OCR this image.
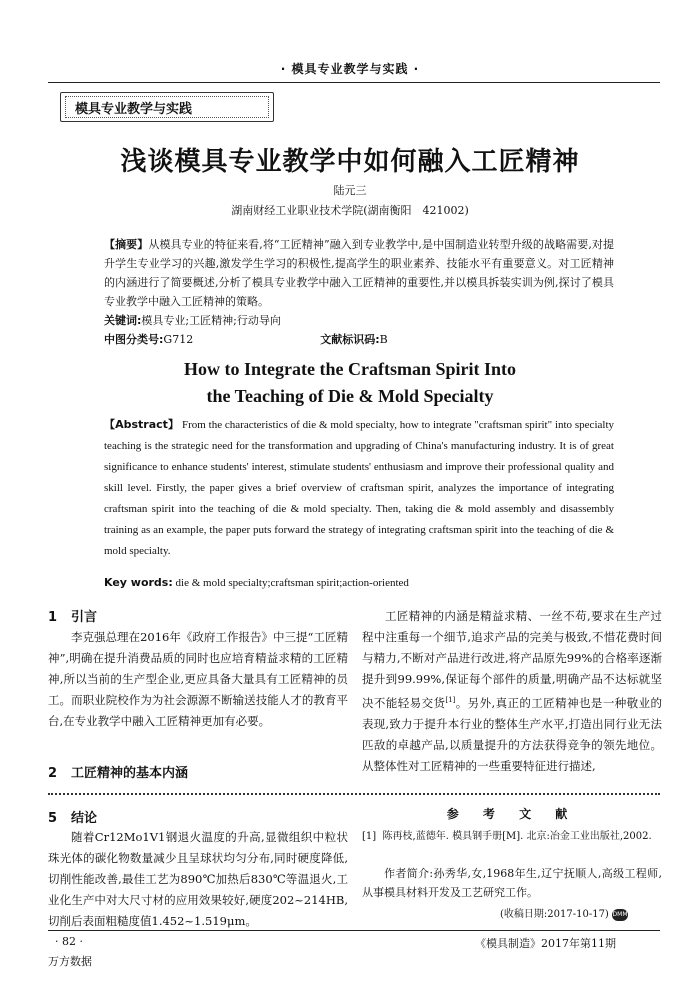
· 模具专业教学与实践 ·
模具专业教学与实践
浅谈模具专业教学中如何融入工匠精神
陆元三
湖南财经工业职业技术学院(湖南衡阳　421002)
【摘要】从模具专业的特征来看,将“工匠精神”融入到专业教学中,是中国制造业转型升级的战略需要,对提升学生专业学习的兴趣,激发学生学习的积极性,提高学生的职业素养、技能水平有重要意义。对工匠精神的内涵进行了简要概述,分析了模具专业教学中融入工匠精神的重要性,并以模具拆装实训为例,探讨了模具专业教学中融入工匠精神的策略。
关键词:模具专业;工匠精神;行动导向
中图分类号:G712	文献标识码:B
How to Integrate the Craftsman Spirit Into
the Teaching of Die & Mold Specialty
【Abstract】 From the characteristics of die & mold specialty, how to integrate "craftsman spirit" into specialty teaching is the strategic need for the transformation and upgrading of China's manufacturing industry. It is of great significance to enhance students' interest, stimulate students' enthusiasm and improve their professional quality and skill level. Firstly, the paper gives a brief overview of craftsman spirit, analyzes the importance of integrating craftsman spirit into the teaching of die & mold specialty. Then, taking die & mold assembly and disassembly training as an example, the paper puts forward the strategy of integrating craftsman spirit into the teaching of die & mold specialty.
Key words: die & mold specialty;craftsman spirit;action-oriented
1 引言

李克强总理在2016年《政府工作报告》中三提“工匠精神”,明确在提升消费品质的同时也应培育精益求精的工匠精神,所以当前的生产型企业,更应具备大量具有工匠精神的员工。而职业院校作为为社会源源不断输送技能人才的教育平台,在专业教学中融入工匠精神更加有必要。

2 工匠精神的基本内涵

工匠精神的内涵是精益求精、一丝不苟,要求在生产过程中注重每一个细节,追求产品的完美与极致,不惜花费时间与精力,不断对产品进行改进,将产品原先99%的合格率逐渐提升到99.99%,保证每个部件的质量,明确产品不达标就坚决不能轻易交货[1]。另外,真正的工匠精神也是一种敬业的表现,致力于提升本行业的整体生产水平,打造出同行业无法匹敌的卓越产品,以质量提升的方法获得竞争的领先地位。从整体性对工匠精神的一些重要特征进行描述,

5 结论

随着Cr12Mo1V1钢退火温度的升高,显微组织中粒状珠光体的碳化物数量减少且呈球状均匀分布,同时硬度降低,切削性能改善,最佳工艺为890℃加热后830℃等温退火,工业化生产中对大尺寸材的应用效果较好,硬度202~214HB,切削后表面粗糙度值1.452~1.519μm。

参 考 文 献
[1] 陈再枝,蓝德年. 模具钢手册[M]. 北京:冶金工业出版社,2002.

作者简介:孙秀华,女,1968年生,辽宁抚顺人,高级工程师,从事模具材料开发及工艺研究工作。

(收稿日期:2017-10-17) DMM
· 82 ·
万方数据
《模具制造》2017年第11期
